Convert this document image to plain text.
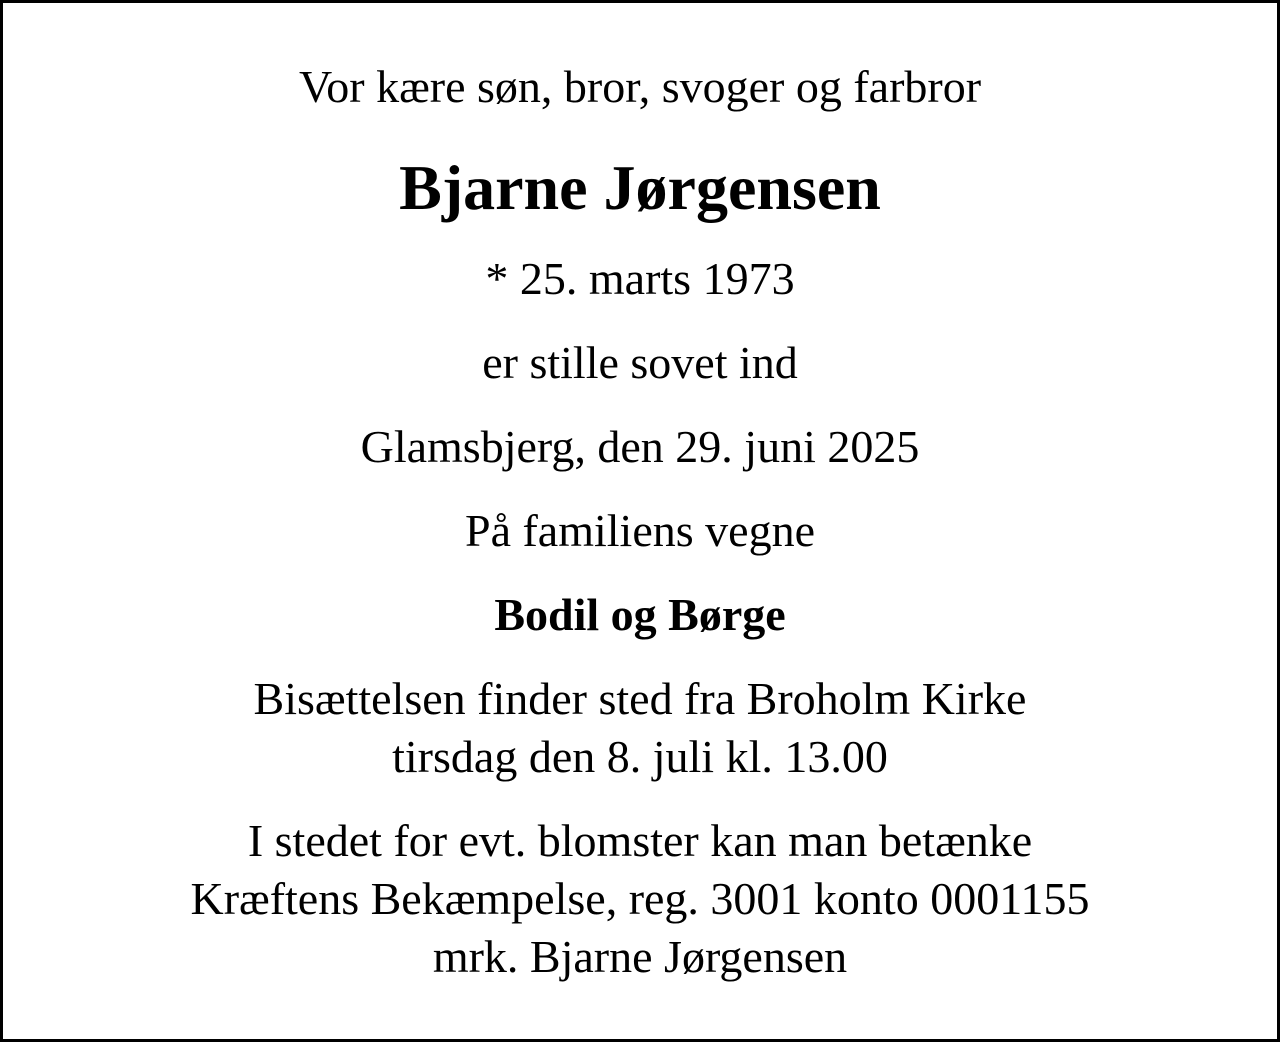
Vor kære søn, bror, svoger og farbror
Bjarne Jørgensen
* 25. marts 1973
er stille sovet ind
Glamsbjerg, den 29. juni 2025
På familiens vegne
Bodil og Børge
Bisættelsen finder sted fra Broholm Kirke
tirsdag den 8. juli kl. 13.00
I stedet for evt. blomster kan man betænke
Kræftens Bekæmpelse, reg. 3001 konto 0001155
mrk. Bjarne Jørgensen
